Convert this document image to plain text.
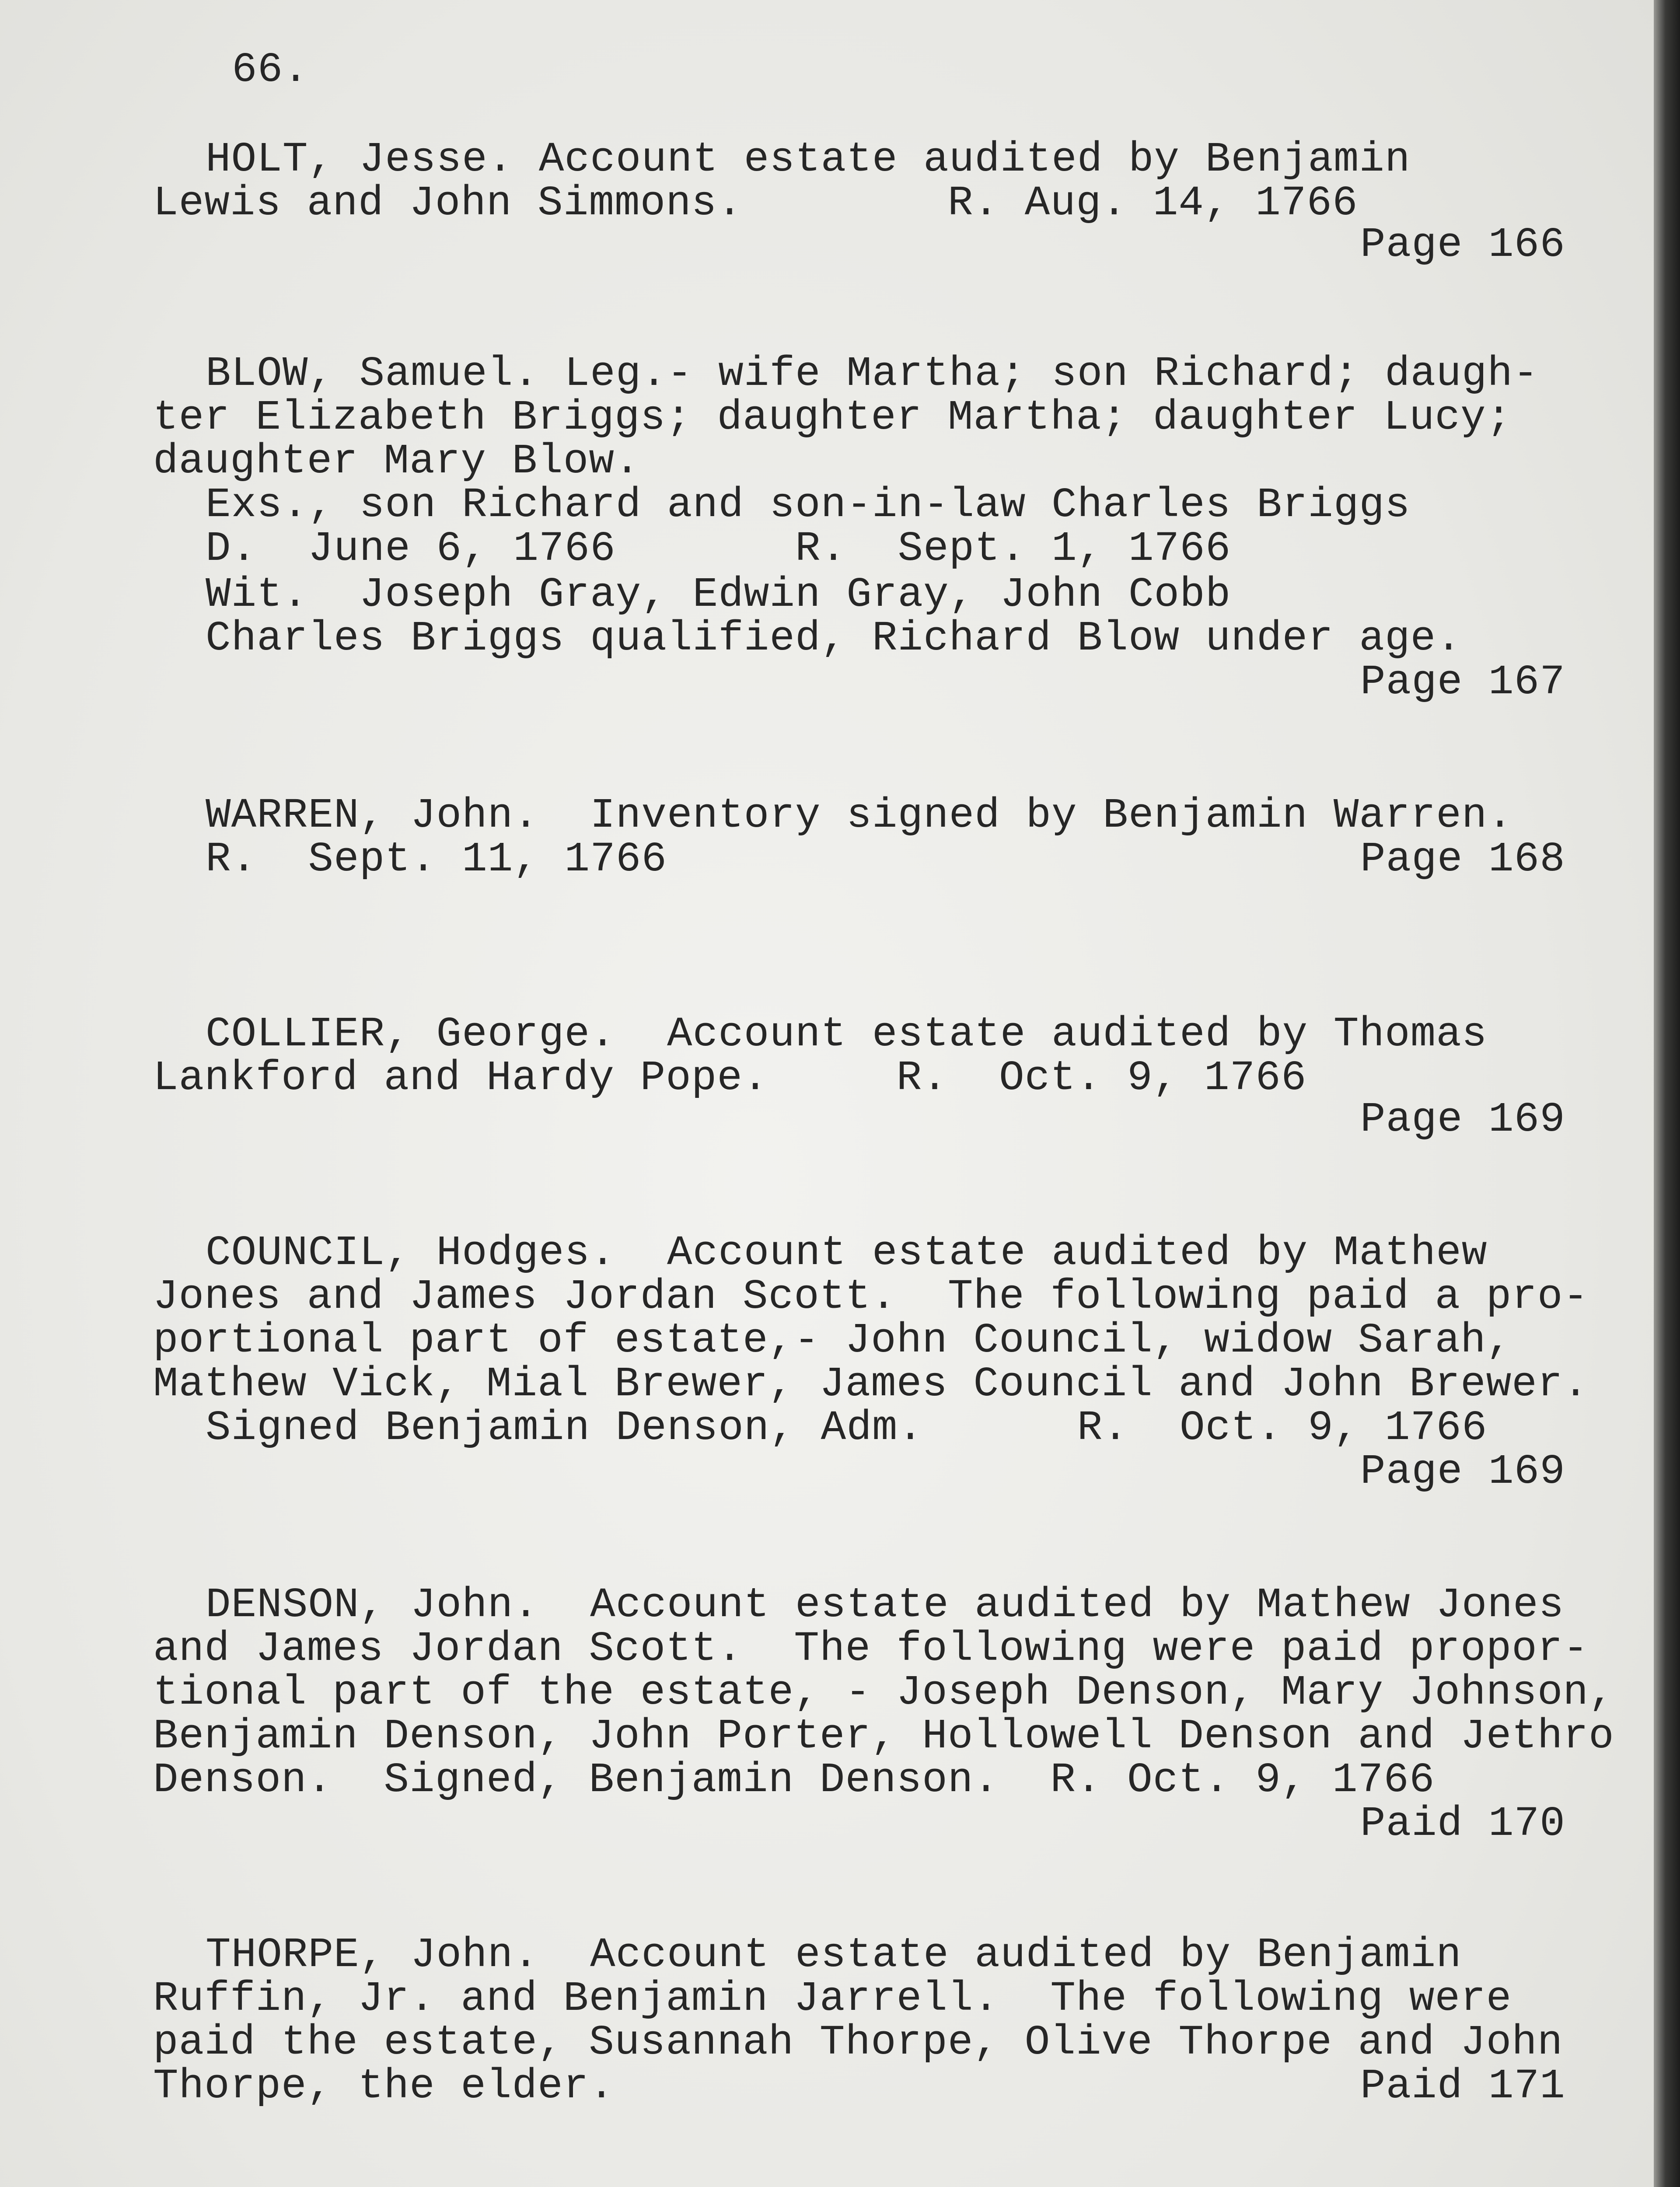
66.

HOLT, Jesse. Account estate audited by Benjamin

Lewis and John Simmons.        R. Aug. 14, 1766

Page 166

BLOW, Samuel. Leg.- wife Martha; son Richard; daugh-

ter Elizabeth Briggs; daughter Martha; daughter Lucy;

daughter Mary Blow.

Exs., son Richard and son-in-law Charles Briggs

D.  June 6, 1766       R.  Sept. 1, 1766

Wit.  Joseph Gray, Edwin Gray, John Cobb

Charles Briggs qualified, Richard Blow under age.

Page 167

WARREN, John.  Inventory signed by Benjamin Warren.

R.  Sept. 11, 1766	Page 168

COLLIER, George.  Account estate audited by Thomas

Lankford and Hardy Pope.     R.  Oct. 9, 1766

Page 169

COUNCIL, Hodges.  Account estate audited by Mathew

Jones and James Jordan Scott.  The following paid a pro-

portional part of estate,- John Council, widow Sarah,

Mathew Vick, Mial Brewer, James Council and John Brewer.

Signed Benjamin Denson, Adm.      R.  Oct. 9, 1766

Page 169

DENSON, John.  Account estate audited by Mathew Jones

and James Jordan Scott.  The following were paid propor-

tional part of the estate, - Joseph Denson, Mary Johnson,

Benjamin Denson, John Porter, Hollowell Denson and Jethro

Denson.  Signed, Benjamin Denson.  R. Oct. 9, 1766

Paid 170

THORPE, John.  Account estate audited by Benjamin

Ruffin, Jr. and Benjamin Jarrell.  The following were

paid the estate, Susannah Thorpe, Olive Thorpe and John

Thorpe, the elder.	Paid 171
